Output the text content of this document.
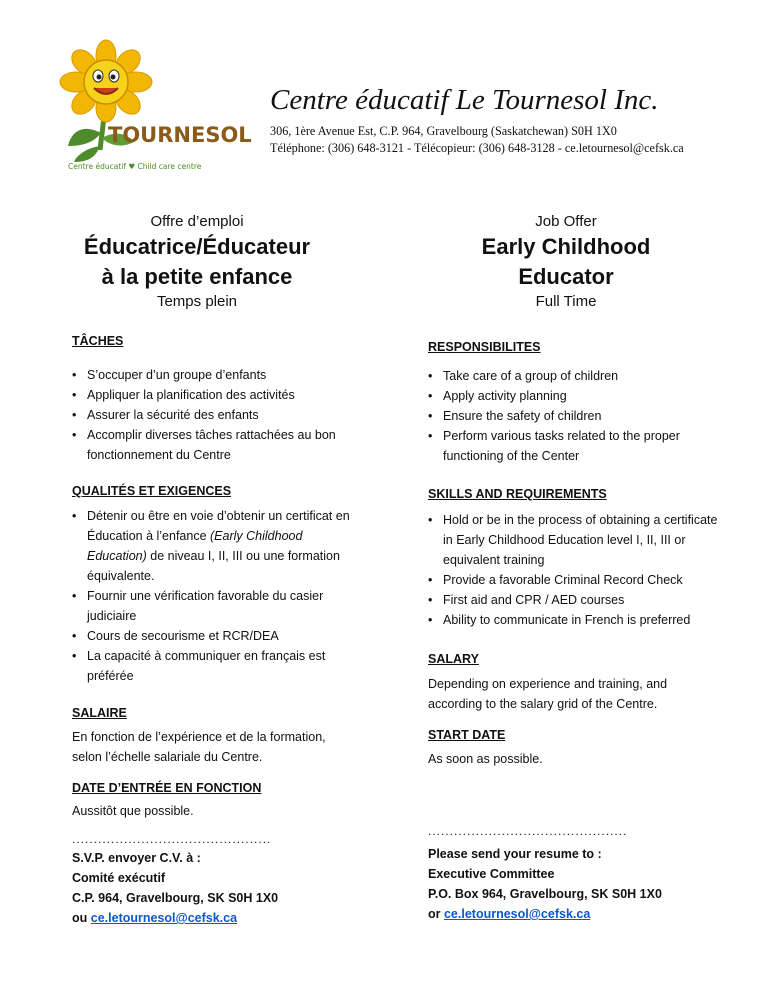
TOURNESOL
Centre éducatif ♥ Child care centre
Centre éducatif Le Tournesol Inc.
306, 1ère Avenue Est, C.P. 964, Gravelbourg (Saskatchewan) S0H 1X0
Téléphone: (306) 648-3121 - Télécopieur: (306) 648-3128 - ce.letournesol@cefsk.ca
Offre d’emploi
Éducatrice/Éducateur
à la petite enfance
Temps plein
TÂCHES
• S’occuper d’un groupe d’enfants
• Appliquer la planification des activités
• Assurer la sécurité des enfants
• Accomplir diverses tâches rattachées au bon fonctionnement du Centre
QUALITÉS ET EXIGENCES
• Détenir ou être en voie d’obtenir un certificat en Éducation à l’enfance (Early Childhood Education) de niveau I, II, III ou une formation équivalente.
• Fournir une vérification favorable du casier judiciaire
• Cours de secourisme et RCR/DEA
• La capacité à communiquer en français est préférée
SALAIRE
En fonction de l’expérience et de la formation, selon l’échelle salariale du Centre.
DATE D’ENTRÉE EN FONCTION
Aussitôt que possible.
..............................................
S.V.P. envoyer C.V. à :
Comité exécutif
C.P. 964, Gravelbourg, SK S0H 1X0
ou ce.letournesol@cefsk.ca
Job Offer
Early Childhood
Educator
Full Time
RESPONSIBILITES
• Take care of a group of children
• Apply activity planning
• Ensure the safety of children
• Perform various tasks related to the proper functioning of the Center
SKILLS AND REQUIREMENTS
• Hold or be in the process of obtaining a certificate in Early Childhood Education level I, II, III or equivalent training
• Provide a favorable Criminal Record Check
• First aid and CPR / AED courses
• Ability to communicate in French is preferred
SALARY
Depending on experience and training, and according to the salary grid of the Centre.
START DATE
As soon as possible.
..............................................
Please send your resume to :
Executive Committee
P.O. Box 964, Gravelbourg, SK S0H 1X0
or ce.letournesol@cefsk.ca
